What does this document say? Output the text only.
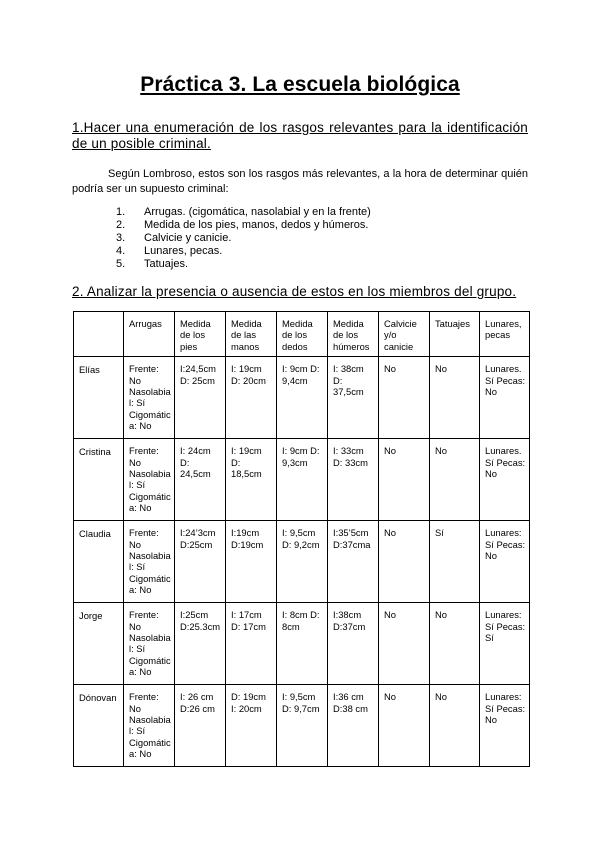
Práctica 3. La escuela biológica
1.Hacer una enumeración de los rasgos relevantes para la identificación de un posible criminal.
Según Lombroso, estos son los rasgos más relevantes, a la hora de determinar quién podría ser un supuesto criminal:
1. Arrugas. (cigomática, nasolabial y en la frente)
2. Medida de los pies, manos, dedos y húmeros.
3. Calvicie y canicie.
4. Lunares, pecas.
5. Tatuajes.
2. Analizar la presencia o ausencia de estos en los miembros del grupo.
	Arrugas	Medida de los pies	Medida de las manos	Medida de los dedos	Medida de los húmeros	Calvicie y/o canicie	Tatuajes	Lunares, pecas
Elías	Frente: No Nasolabial: Sí Cigomática: No	I:24,5cm D: 25cm	I: 19cm D: 20cm	I: 9cm D: 9,4cm	I: 38cm D: 37,5cm	No	No	Lunares. Sí Pecas: No
Cristina	Frente: No Nasolabial: Sí Cigomática: No	I: 24cm D: 24,5cm	I: 19cm D: 18,5cm	I: 9cm D: 9,3cm	I: 33cm D: 33cm	No	No	Lunares. Sí Pecas: No
Claudia	Frente: No Nasolabial: Sí Cigomática: No	I:24’3cm D:25cm	I:19cm D:19cm	I: 9,5cm D: 9,2cm	I:35’5cm D:37cma	No	Sí	Lunares: Sí Pecas: No
Jorge	Frente: No Nasolabial: Sí Cigomática: No	I:25cm D:25.3cm	I: 17cm D: 17cm	I: 8cm D: 8cm	I:38cm D:37cm	No	No	Lunares: Sí Pecas: Sí
Dónovan	Frente: No Nasolabial: Sí Cigomática: No	I: 26 cm D:26 cm	D: 19cm I: 20cm	I: 9,5cm D: 9,7cm	I:36 cm D:38 cm	No	No	Lunares: Sí Pecas: No
